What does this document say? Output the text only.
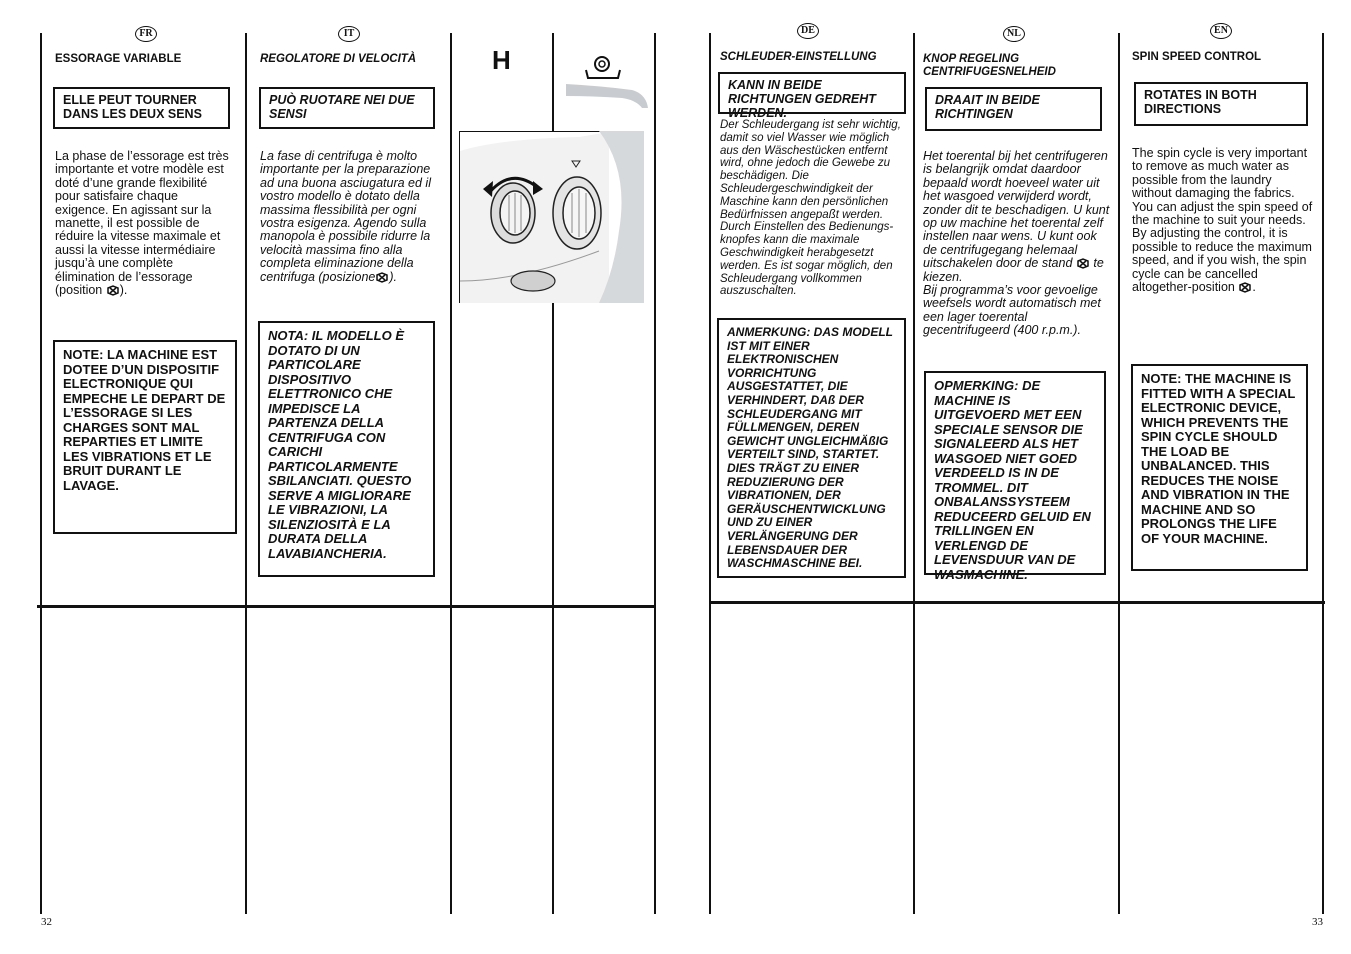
FR
ESSORAGE VARIABLE
ELLE PEUT TOURNER DANS LES DEUX SENS
La phase de l’essorage est très importante et votre modèle est doté d’une grande flexibilité pour satisfaire chaque exigence. En agissant sur la manette, il est possible de réduire la vitesse maximale et aussi la vitesse intermédiaire jusqu’à une complète élimination de l’essorage (position ).
NOTE: LA MACHINE EST DOTEE D’UN DISPOSITIF ELECTRONIQUE QUI EMPECHE LE DEPART DE L’ESSORAGE SI LES CHARGES SONT MAL REPARTIES ET LIMITE LES VIBRATIONS ET LE BRUIT DURANT LE LAVAGE.
IT
REGOLATORE DI VELOCITÀ
PUÒ RUOTARE NEI DUE SENSI
La fase di centrifuga è molto importante per la preparazione ad una buona asciugatura ed il vostro modello è dotato della massima flessibilità per ogni vostra esigenza. Agendo sulla manopola è possibile ridurre la velocità massima fino alla completa eliminazione della centrifuga (posizione ).
NOTA: IL MODELLO È DOTATO DI UN PARTICOLARE DISPOSITIVO ELETTRONICO CHE IMPEDISCE LA PARTENZA DELLA CENTRIFUGA CON CARICHI PARTICOLARMENTE SBILANCIATI. QUESTO SERVE A MIGLIORARE LE VIBRAZIONI, LA SILENZIOSITÀ E LA DURATA DELLA LAVABIANCHERIA.
H
32
DE
SCHLEUDER-EINSTELLUNG
KANN IN BEIDE RICHTUNGEN GEDREHT WERDEN.
Der Schleudergang ist sehr wichtig, damit so viel Wasser wie möglich aus den Wäschestücken entfernt wird, ohne jedoch die Gewebe zu beschädigen. Die Schleudergeschwindigkeit der Maschine kann den persönlichen Bedürfnissen angepaßt werden. Durch Einstellen des Bedienungs-knopfes kann die maximale Geschwindigkeit herabgesetzt werden. Es ist sogar möglich, den Schleudergang vollkommen auszuschalten.
ANMERKUNG: DAS MODELL IST MIT EINER ELEKTRONISCHEN VORRICHTUNG AUSGESTATTET, DIE VERHINDERT, DAß DER SCHLEUDERGANG MIT FÜLLMENGEN, DEREN GEWICHT UNGLEICHMÄßIG VERTEILT SIND, STARTET. DIES TRÄGT ZU EINER REDUZIERUNG DER VIBRATIONEN, DER GERÄUSCHENTWICKLUNG UND ZU EINER VERLÄNGERUNG DER LEBENSDAUER DER WASCHMASCHINE BEI.
NL
KNOP REGELING CENTRIFUGESNELHEID
DRAAIT IN BEIDE RICHTINGEN
Het toerental bij het centrifugeren is belangrijk omdat daardoor bepaald wordt hoeveel water uit het wasgoed verwijderd wordt, zonder dit te beschadigen. U kunt op uw machine het toerental zelf instellen naar wens. U kunt ook de centrifugegang helemaal uitschakelen door de stand te kiezen.
Bij programma’s voor gevoelige weefsels wordt automatisch met een lager toerental gecentrifugeerd (400 r.p.m.).
OPMERKING: DE MACHINE IS UITGEVOERD MET EEN SPECIALE SENSOR DIE SIGNALEERD ALS HET WASGOED NIET GOED VERDEELD IS IN DE TROMMEL. DIT ONBALANSSYSTEEM REDUCEERD GELUID EN TRILLINGEN EN VERLENGD DE LEVENSDUUR VAN DE WASMACHINE.
EN
SPIN SPEED CONTROL
ROTATES IN BOTH DIRECTIONS
The spin cycle is very important to remove as much water as possible from the laundry without damaging the fabrics. You can adjust the spin speed of the machine to suit your needs. By adjusting the control, it is possible to reduce the maximum speed, and if you wish, the spin cycle can be cancelled altogether-position .
NOTE: THE MACHINE IS FITTED WITH A SPECIAL ELECTRONIC DEVICE, WHICH PREVENTS THE SPIN CYCLE SHOULD THE LOAD BE UNBALANCED. THIS REDUCES THE NOISE AND VIBRATION IN THE MACHINE AND SO PROLONGS THE LIFE OF YOUR MACHINE.
33
